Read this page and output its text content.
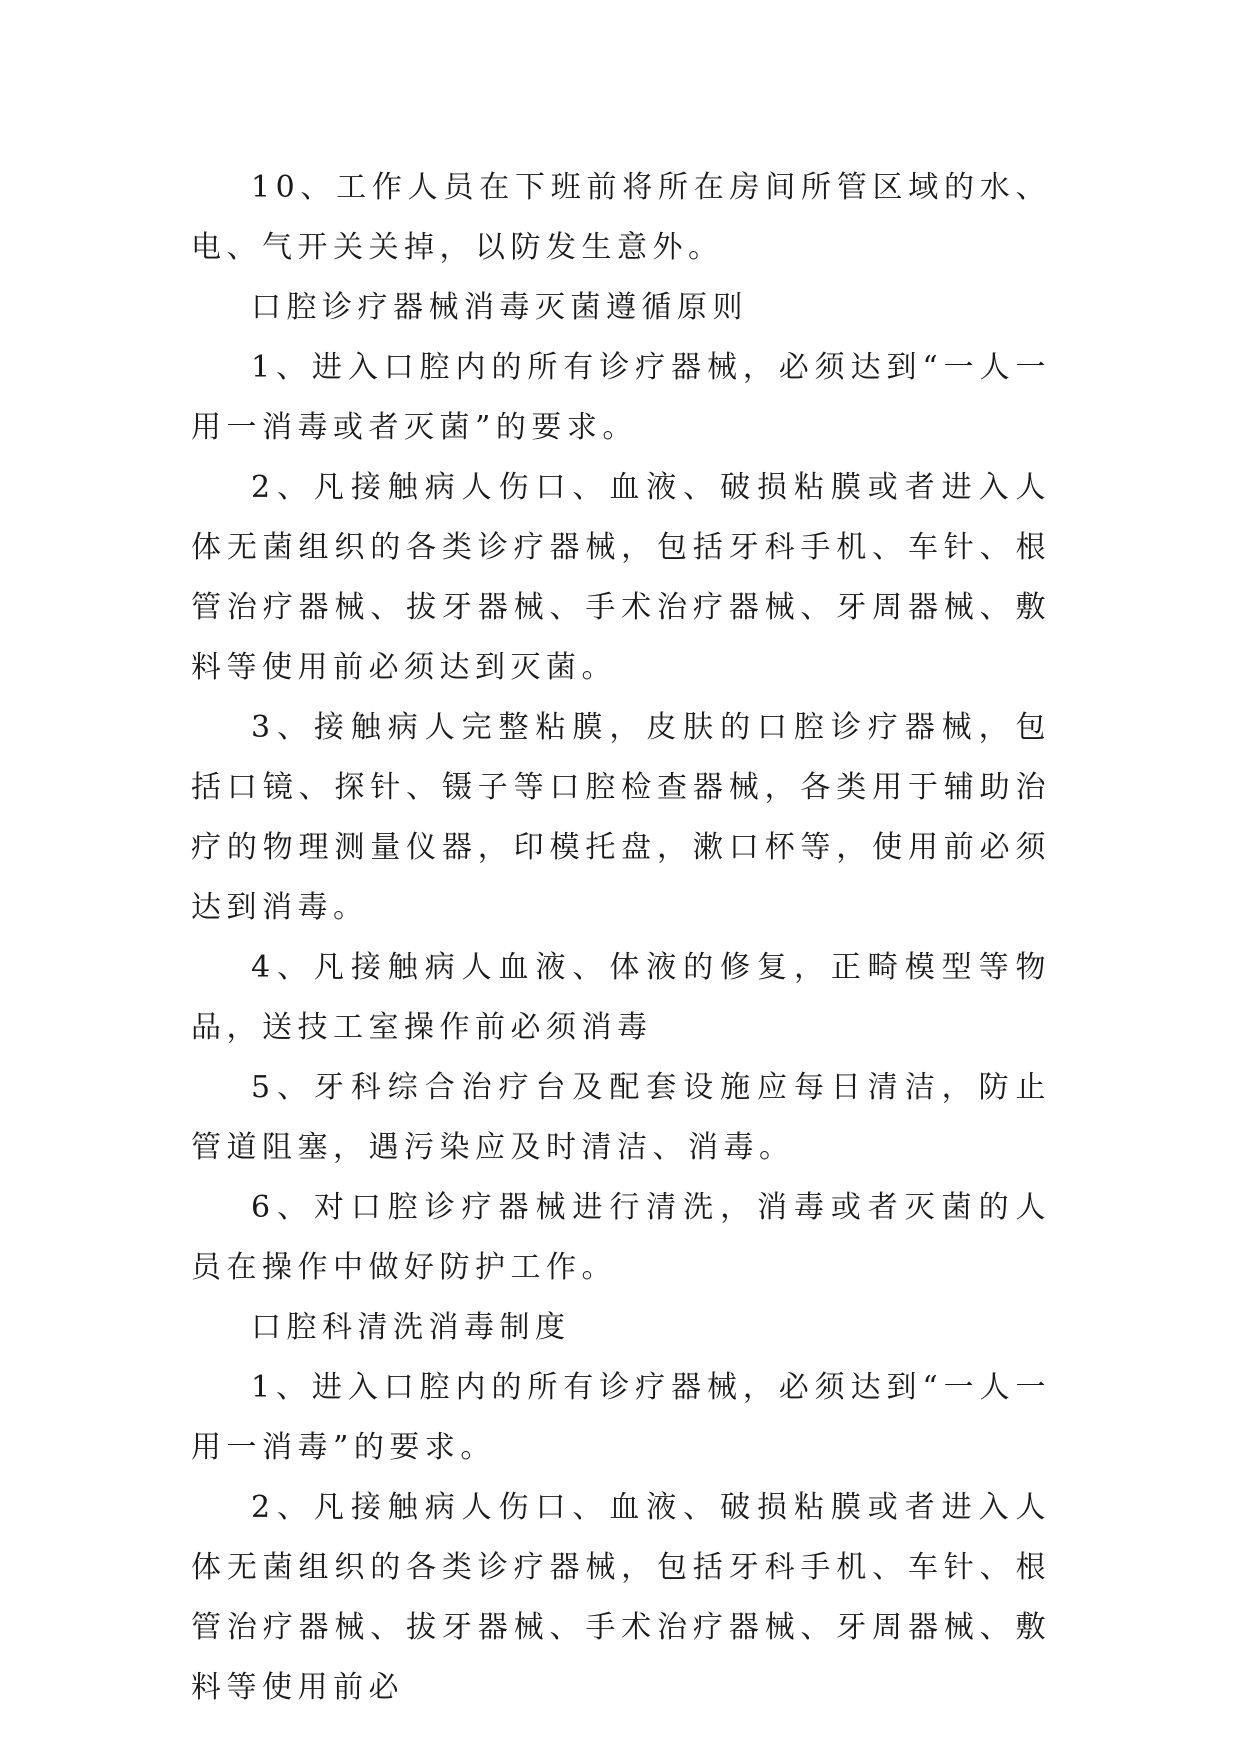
10、工作人员在下班前将所在房间所管区域的水、电、气开关关掉，以防发生意外。

口腔诊疗器械消毒灭菌遵循原则

1、进入口腔内的所有诊疗器械，必须达到“一人一用一消毒或者灭菌”的要求。

2、凡接触病人伤口、血液、破损粘膜或者进入人体无菌组织的各类诊疗器械，包括牙科手机、车针、根管治疗器械、拔牙器械、手术治疗器械、牙周器械、敷料等使用前必须达到灭菌。

3、接触病人完整粘膜，皮肤的口腔诊疗器械，包括口镜、探针、镊子等口腔检查器械，各类用于辅助治疗的物理测量仪器，印模托盘，漱口杯等，使用前必须达到消毒。

4、凡接触病人血液、体液的修复，正畸模型等物品，送技工室操作前必须消毒

5、牙科综合治疗台及配套设施应每日清洁，防止管道阻塞，遇污染应及时清洁、消毒。

6、对口腔诊疗器械进行清洗，消毒或者灭菌的人员在操作中做好防护工作。

口腔科清洗消毒制度

1、进入口腔内的所有诊疗器械，必须达到“一人一用一消毒”的要求。

2、凡接触病人伤口、血液、破损粘膜或者进入人体无菌组织的各类诊疗器械，包括牙科手机、车针、根管治疗器械、拔牙器械、手术治疗器械、牙周器械、敷料等使用前必
